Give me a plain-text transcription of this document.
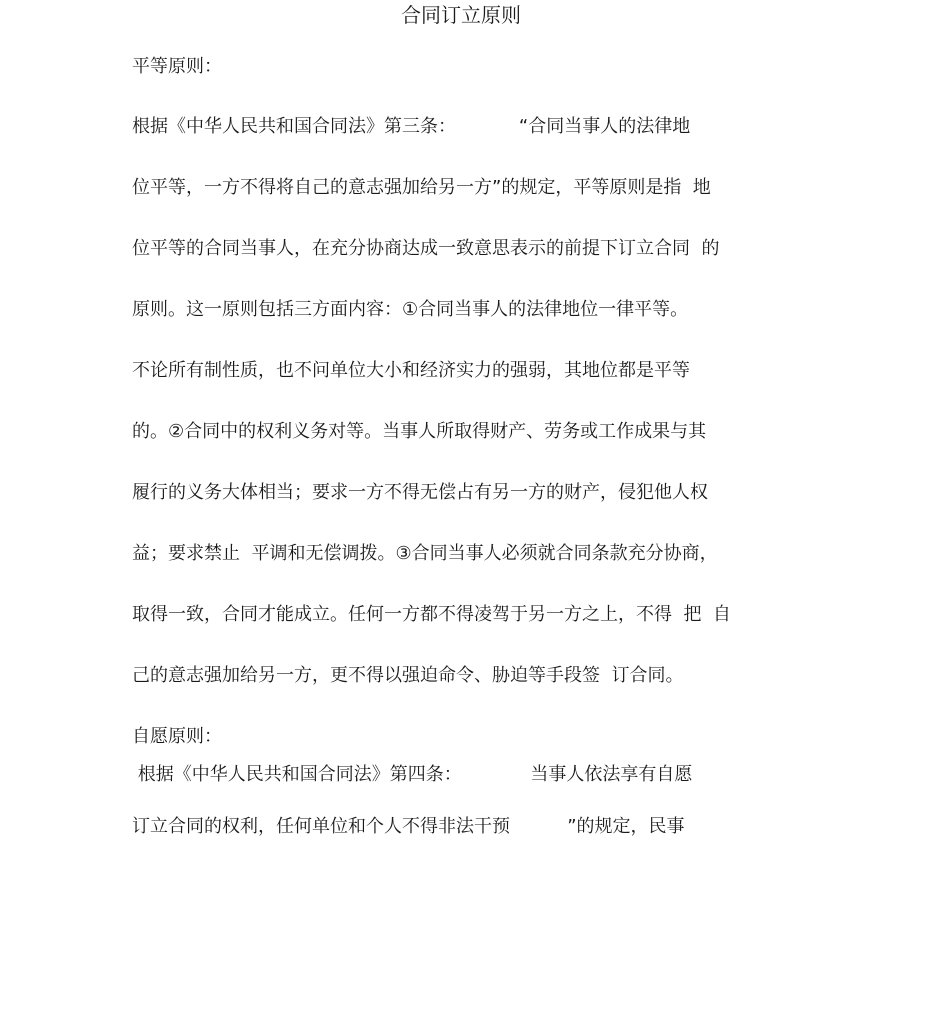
合同订立原则
平等原则：
根据《中华人民共和国合同法》第三条：           “合同当事人的法律地
位平等，一方不得将自己的意志强加给另一方”的规定，平等原则是指  地
位平等的合同当事人，在充分协商达成一致意思表示的前提下订立合同  的
原则。这一原则包括三方面内容：①合同当事人的法律地位一律平等。
不论所有制性质，也不问单位大小和经济实力的强弱，其地位都是平等
的。②合同中的权利义务对等。当事人所取得财产、劳务或工作成果与其
履行的义务大体相当；要求一方不得无偿占有另一方的财产，侵犯他人权
益；要求禁止  平调和无偿调拨。③合同当事人必须就合同条款充分协商，
取得一致，合同才能成立。任何一方都不得凌驾于另一方之上，不得  把  自
己的意志强加给另一方，更不得以强迫命令、胁迫等手段签  订合同。
自愿原则：
根据《中华人民共和国合同法》第四条：            当事人依法享有自愿
订立合同的权利，任何单位和个人不得非法干预          ”的规定，民事
